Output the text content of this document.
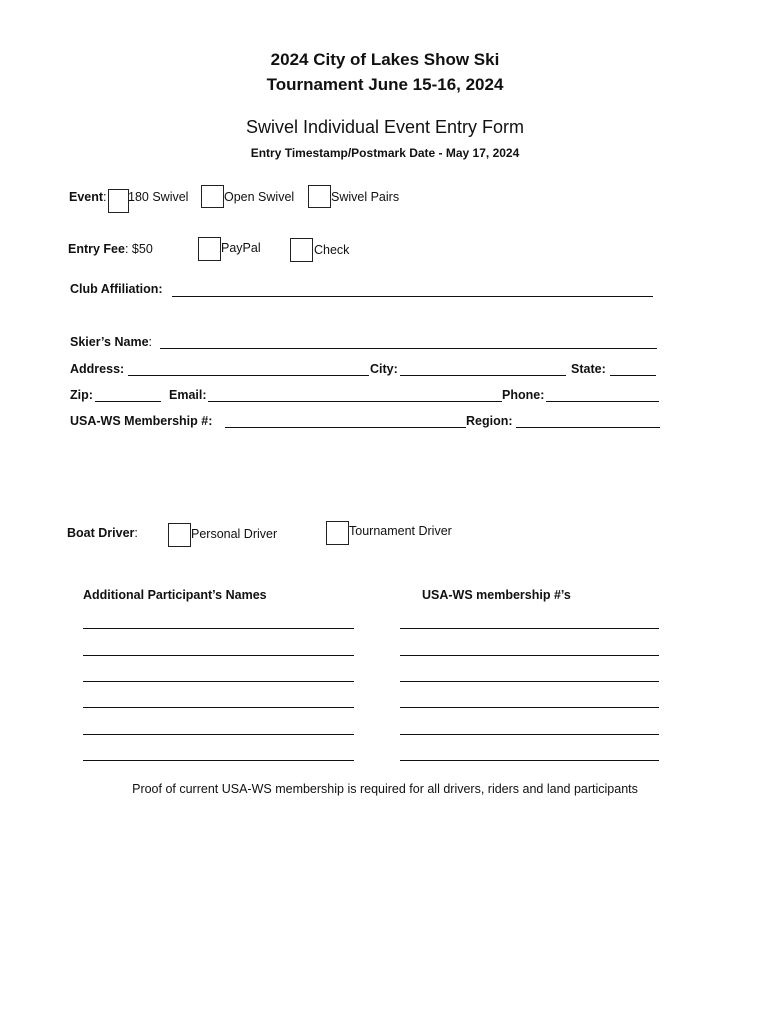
2024 City of Lakes Show Ski
Tournament June 15-16, 2024
Swivel Individual Event Entry Form
Entry Timestamp/Postmark Date - May 17, 2024
Event: 180 Swivel	Open Swivel	Swivel Pairs
Entry Fee: $50	PayPal	Check
Club Affiliation:
Skier’s Name:
Address:	City:	State:
Zip:	Email:	Phone:
USA-WS Membership #:	Region:
Boat Driver:	Personal Driver	Tournament Driver
Additional Participant’s Names	USA-WS membership #’s
Proof of current USA-WS membership is required for all drivers, riders and land participants
